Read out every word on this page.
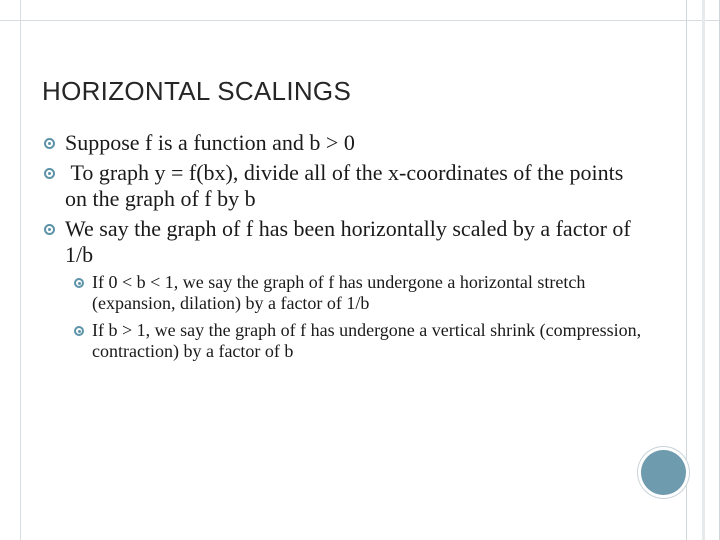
HORIZONTAL SCALINGS
Suppose f is a function and b > 0
To graph y = f(bx), divide all of the x-coordinates of the points on the graph of f by b
We say the graph of f has been horizontally scaled by a factor of 1/b
If 0 < b < 1, we say the graph of f has undergone a horizontal stretch (expansion, dilation) by a factor of 1/b
If b > 1, we say the graph of f has undergone a vertical shrink (compression, contraction) by a factor of b
